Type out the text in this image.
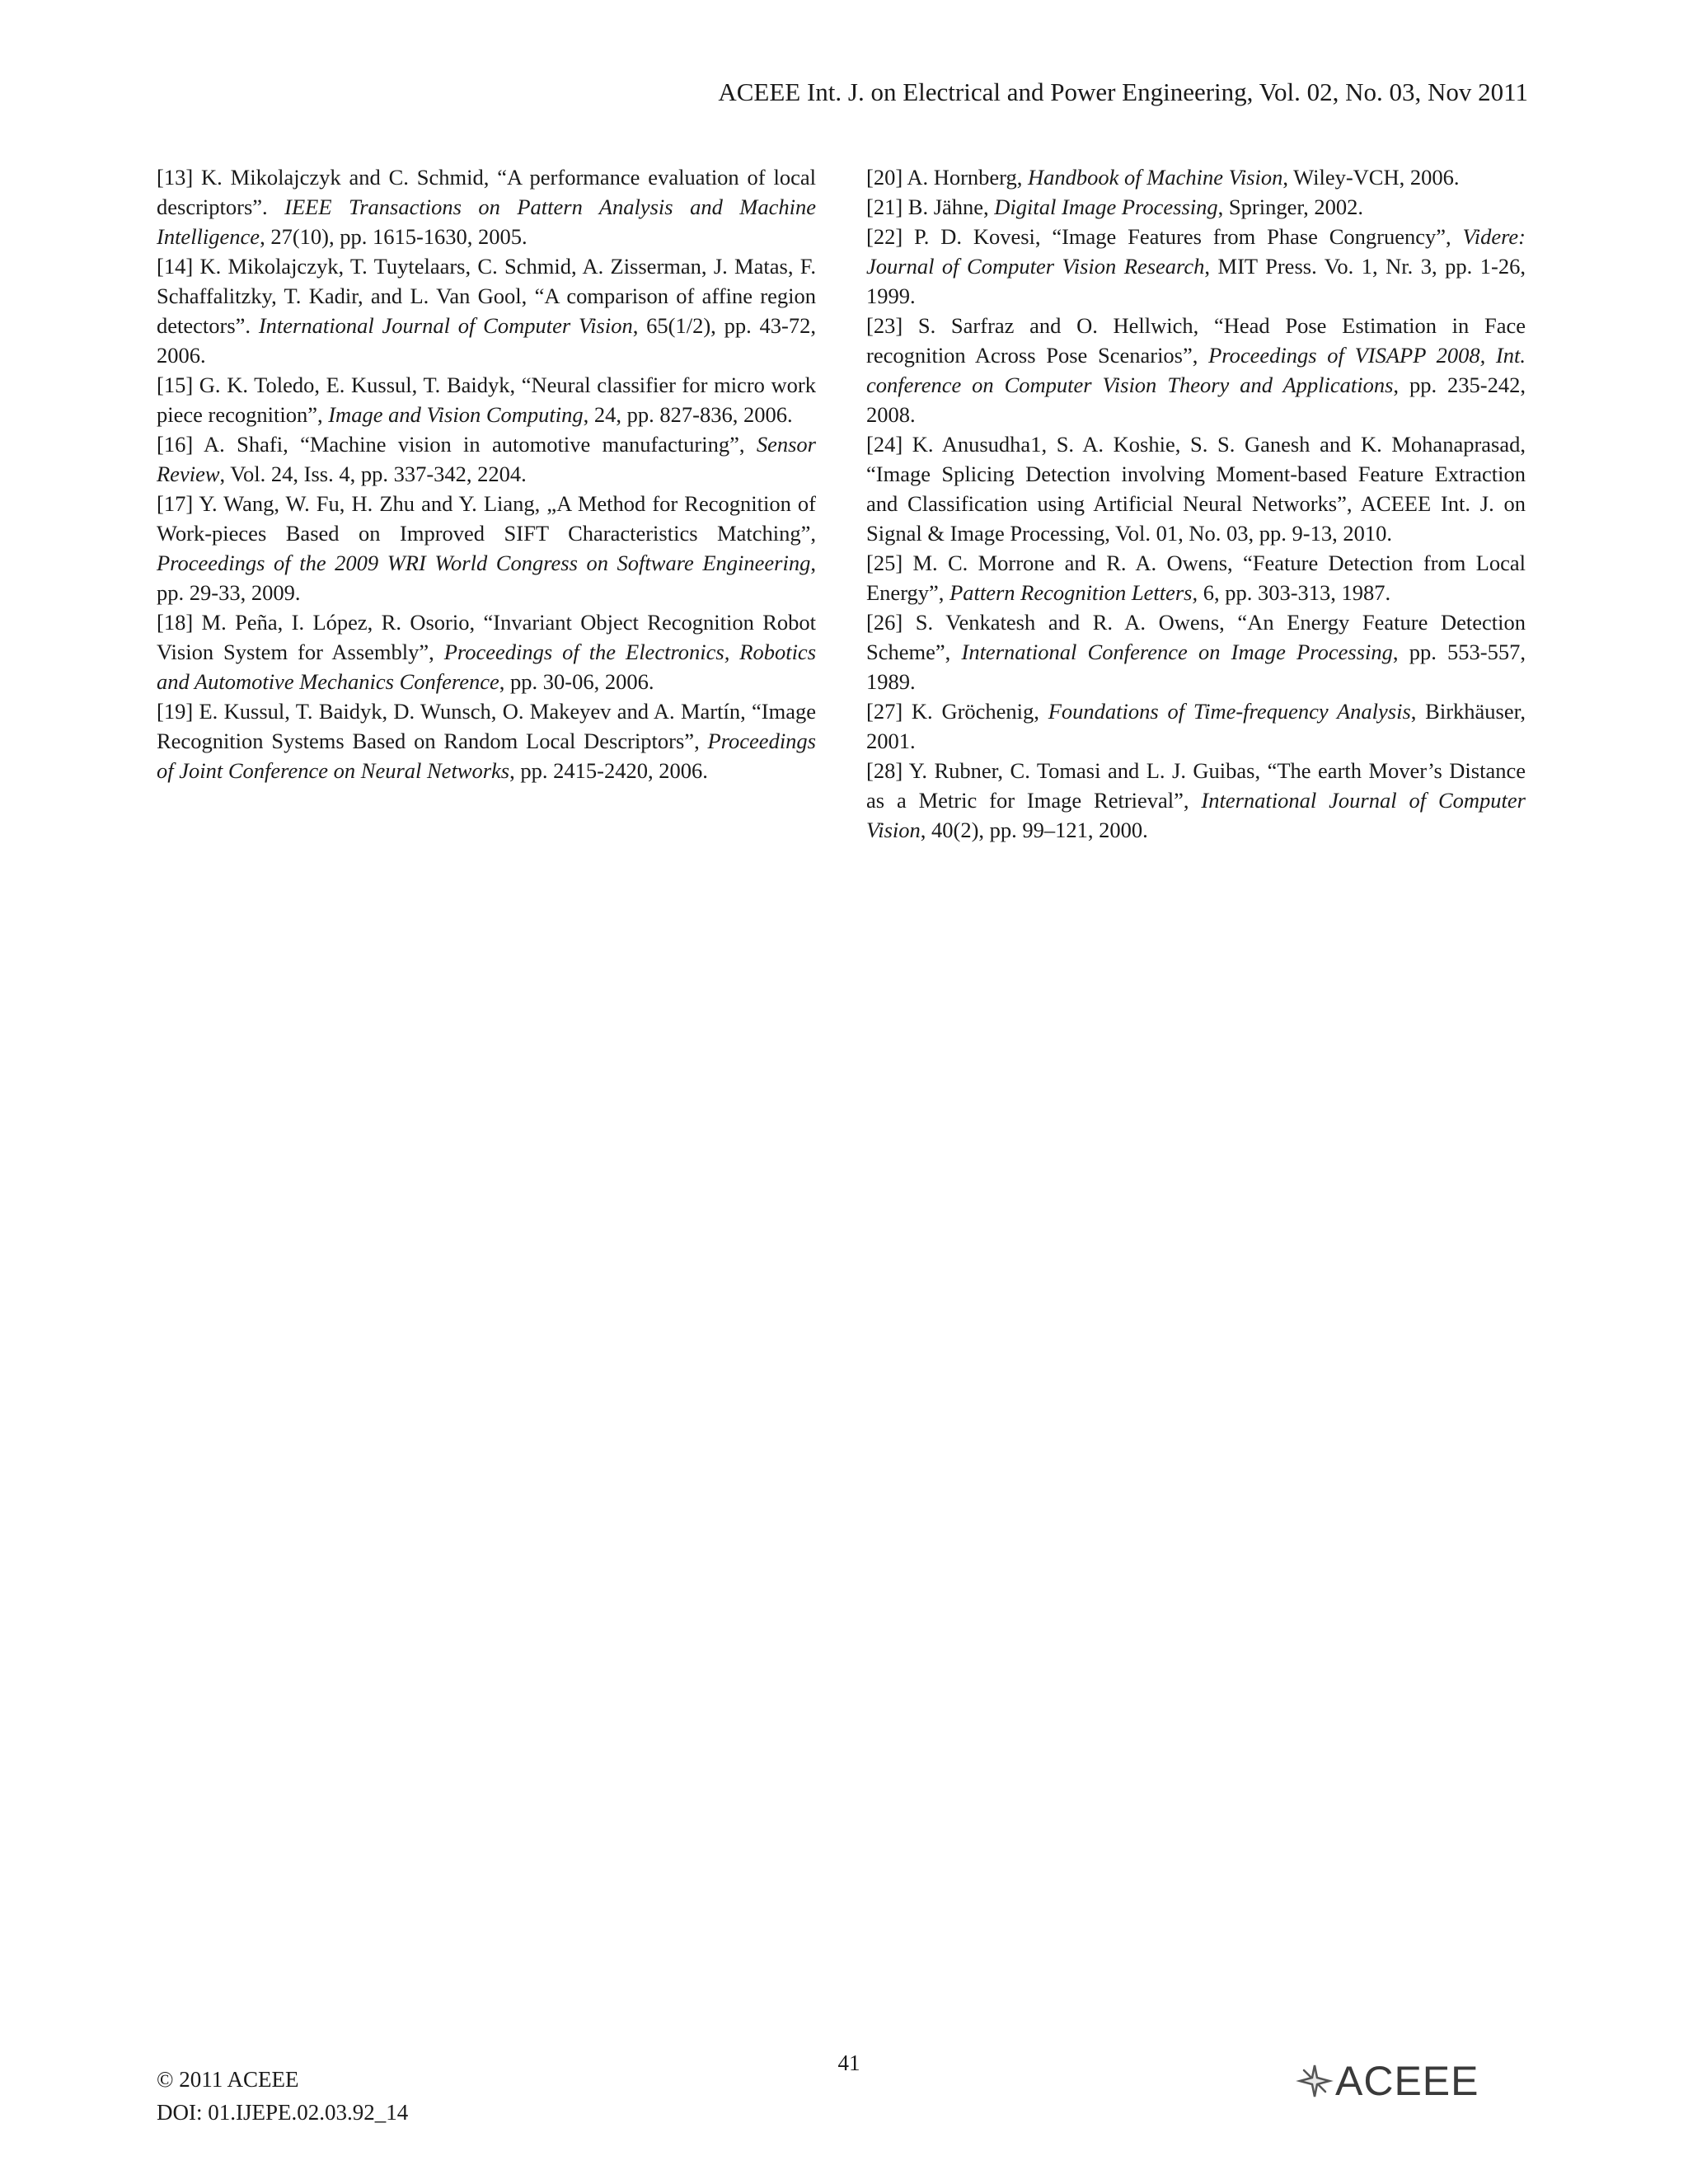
ACEEE Int. J. on Electrical and Power Engineering, Vol. 02, No. 03, Nov 2011

[13] K. Mikolajczyk and C. Schmid, “A performance evaluation of local descriptors”. IEEE Transactions on Pattern Analysis and Machine Intelligence, 27(10), pp. 1615-1630, 2005.

[14] K. Mikolajczyk, T. Tuytelaars, C. Schmid, A. Zisserman, J. Matas, F. Schaffalitzky, T. Kadir, and L. Van Gool, “A comparison of affine region detectors”. International Journal of Computer Vision, 65(1/2), pp. 43-72, 2006.

[15] G. K. Toledo, E. Kussul, T. Baidyk, “Neural classifier for micro work piece recognition”, Image and Vision Computing, 24, pp. 827-836, 2006.

[16] A. Shafi, “Machine vision in automotive manufacturing”, Sensor Review, Vol. 24, Iss. 4, pp. 337-342, 2204.

[17] Y. Wang, W. Fu, H. Zhu and Y. Liang, „A Method for Recognition of Work-pieces Based on Improved SIFT Characteristics Matching”, Proceedings of the 2009 WRI World Congress on Software Engineering, pp. 29-33, 2009.

[18] M. Peña, I. López, R. Osorio, “Invariant Object Recognition Robot Vision System for Assembly”, Proceedings of the Electronics, Robotics and Automotive Mechanics Conference, pp. 30-06, 2006.

[19] E. Kussul, T. Baidyk, D. Wunsch, O. Makeyev and A. Martín, “Image Recognition Systems Based on Random Local Descriptors”, Proceedings of Joint Conference on Neural Networks, pp. 2415-2420, 2006.

[20] A. Hornberg, Handbook of Machine Vision, Wiley-VCH, 2006.

[21] B. Jähne, Digital Image Processing, Springer, 2002.

[22] P. D. Kovesi, “Image Features from Phase Congruency”, Videre: Journal of Computer Vision Research, MIT Press. Vo. 1, Nr. 3, pp. 1-26, 1999.

[23] S. Sarfraz and O. Hellwich, “Head Pose Estimation in Face recognition Across Pose Scenarios”, Proceedings of VISAPP 2008, Int. conference on Computer Vision Theory and Applications, pp. 235-242, 2008.

[24] K. Anusudha1, S. A. Koshie, S. S. Ganesh and K. Mohanaprasad, “Image Splicing Detection involving Moment-based Feature Extraction and Classification using Artificial Neural Networks”, ACEEE Int. J. on Signal & Image Processing, Vol. 01, No. 03, pp. 9-13, 2010.

[25] M. C. Morrone and R. A. Owens, “Feature Detection from Local Energy”, Pattern Recognition Letters, 6, pp. 303-313, 1987.

[26] S. Venkatesh and R. A. Owens, “An Energy Feature Detection Scheme”, International Conference on Image Processing, pp. 553-557, 1989.

[27] K. Gröchenig, Foundations of Time-frequency Analysis, Birkhäuser, 2001.

[28] Y. Rubner, C. Tomasi and L. J. Guibas, “The earth Mover’s Distance as a Metric for Image Retrieval”, International Journal of Computer Vision, 40(2), pp. 99–121, 2000.

© 2011 ACEEE
DOI: 01.IJEPE.02.03.92_14
41	ACEEE
